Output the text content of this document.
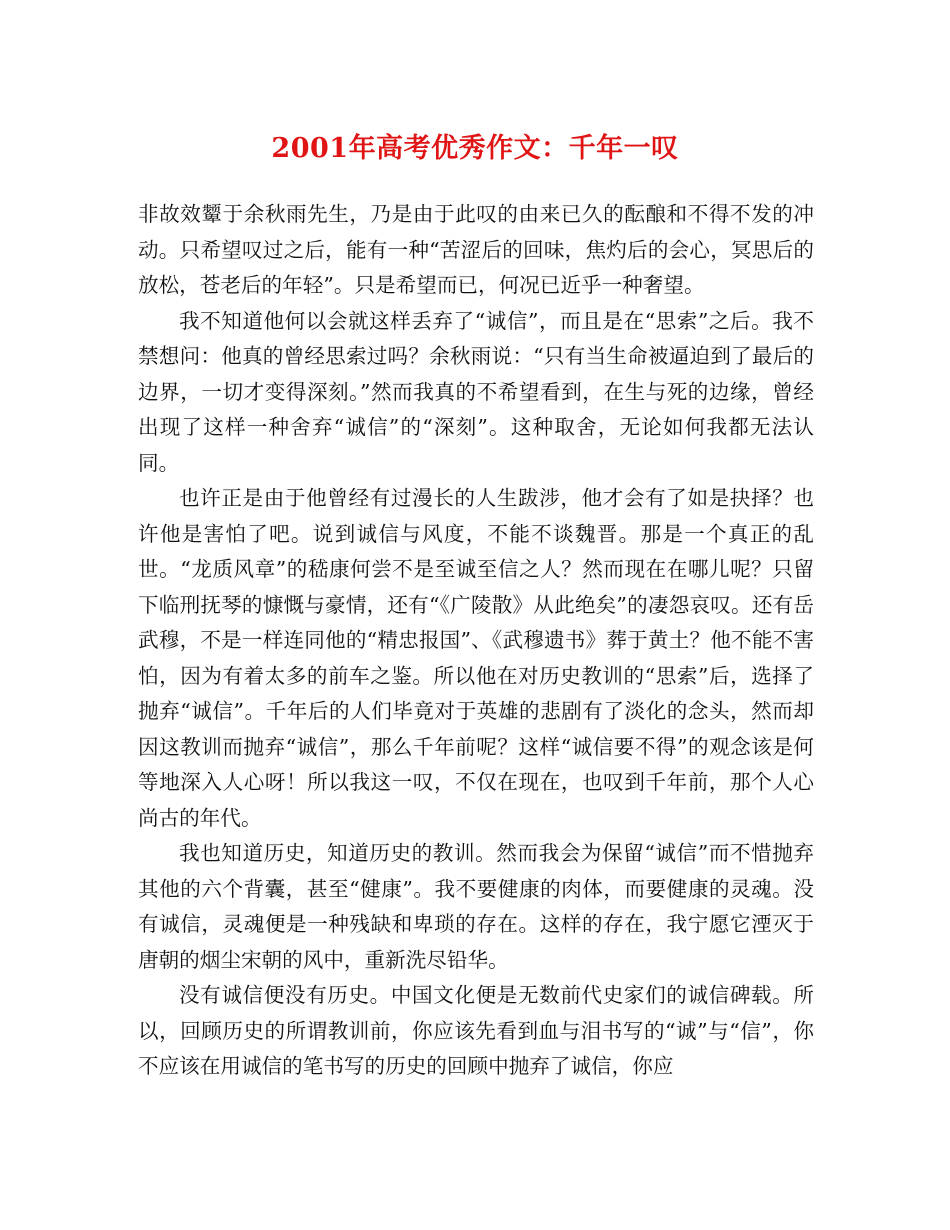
2001年高考优秀作文：千年一叹

非故效颦于余秋雨先生，乃是由于此叹的由来已久的酝酿和不得不发的冲动。只希望叹过之后，能有一种“苦涩后的回味，焦灼后的会心，冥思后的放松，苍老后的年轻”。只是希望而已，何况已近乎一种奢望。

我不知道他何以会就这样丢弃了“诚信”，而且是在“思索”之后。我不禁想问：他真的曾经思索过吗？余秋雨说：“只有当生命被逼迫到了最后的边界，一切才变得深刻。”然而我真的不希望看到，在生与死的边缘，曾经出现了这样一种舍弃“诚信”的“深刻”。这种取舍，无论如何我都无法认同。

也许正是由于他曾经有过漫长的人生跋涉，他才会有了如是抉择？也许他是害怕了吧。说到诚信与风度，不能不谈魏晋。那是一个真正的乱世。“龙质风章”的嵇康何尝不是至诚至信之人？然而现在在哪儿呢？只留下临刑抚琴的慷慨与豪情，还有“《广陵散》从此绝矣”的凄怨哀叹。还有岳武穆，不是一样连同他的“精忠报国”、《武穆遗书》葬于黄土？他不能不害怕，因为有着太多的前车之鉴。所以他在对历史教训的“思索”后，选择了抛弃“诚信”。千年后的人们毕竟对于英雄的悲剧有了淡化的念头，然而却因这教训而抛弃“诚信”，那么千年前呢？这样“诚信要不得”的观念该是何等地深入人心呀！所以我这一叹，不仅在现在，也叹到千年前，那个人心尚古的年代。

我也知道历史，知道历史的教训。然而我会为保留“诚信”而不惜抛弃其他的六个背囊，甚至“健康”。我不要健康的肉体，而要健康的灵魂。没有诚信，灵魂便是一种残缺和卑琐的存在。这样的存在，我宁愿它湮灭于唐朝的烟尘宋朝的风中，重新洗尽铅华。

没有诚信便没有历史。中国文化便是无数前代史家们的诚信碑载。所以，回顾历史的所谓教训前，你应该先看到血与泪书写的“诚”与“信”，你不应该在用诚信的笔书写的历史的回顾中抛弃了诚信，你应
